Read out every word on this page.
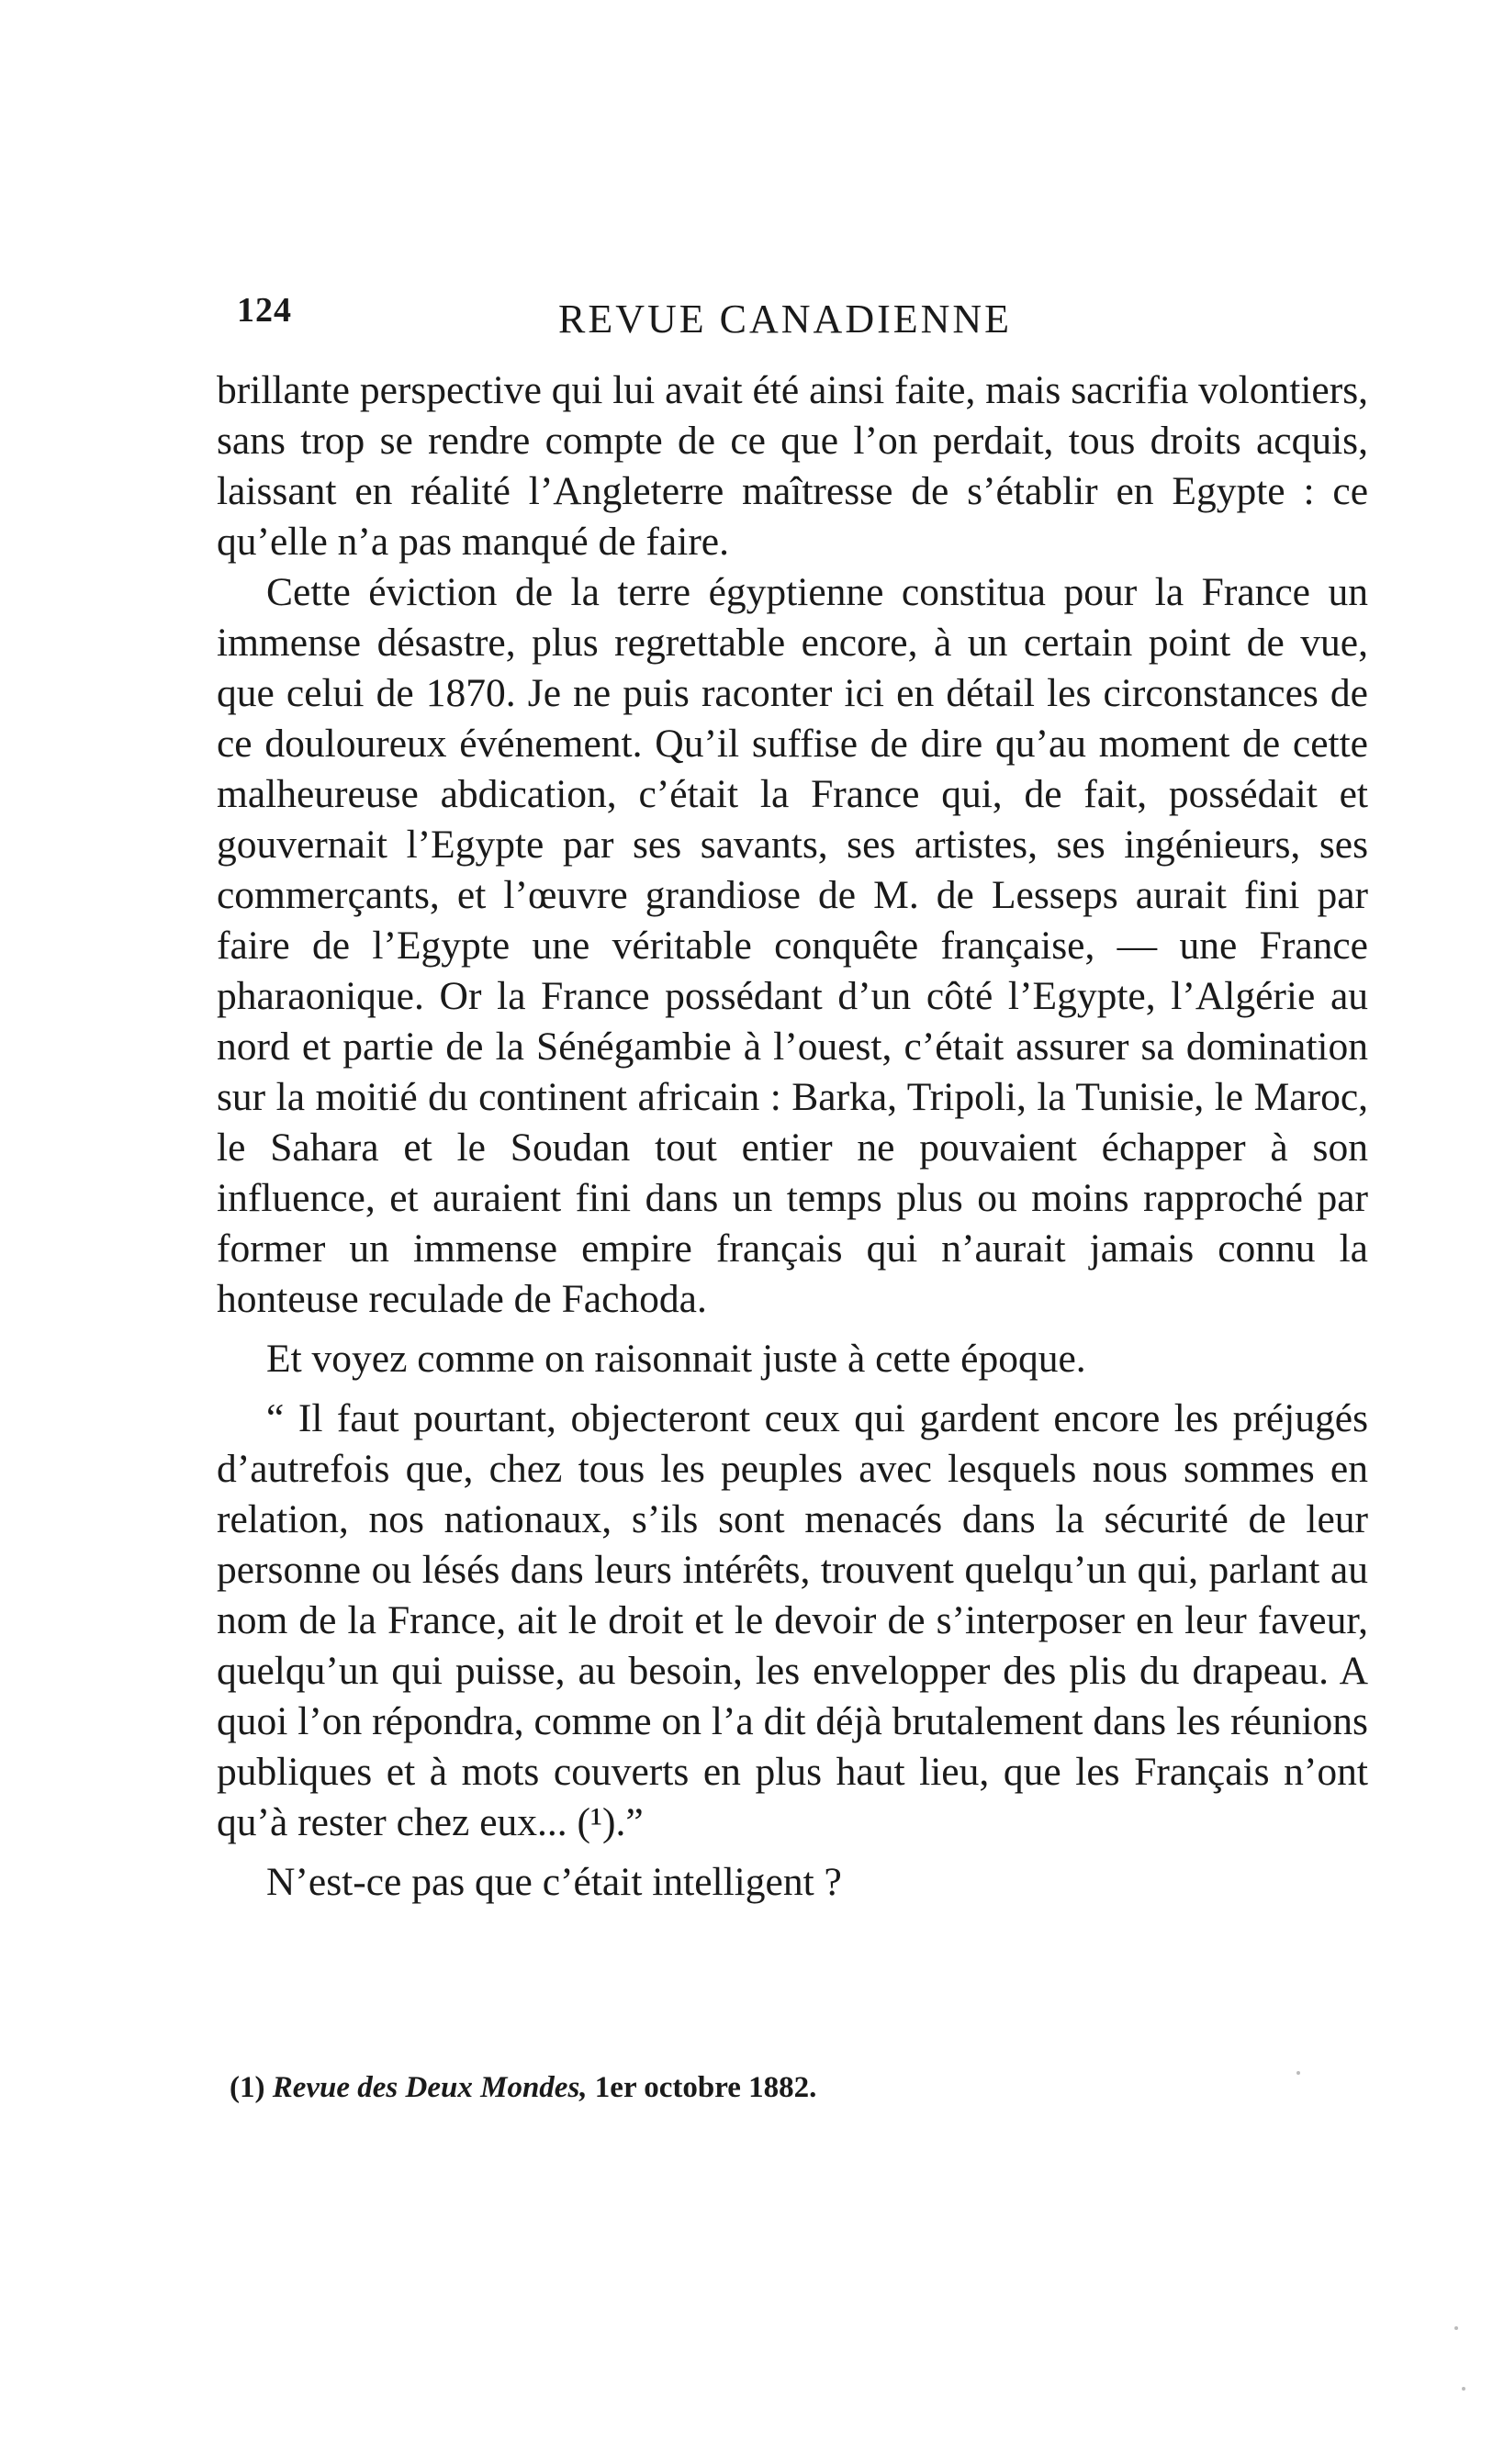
124	REVUE CANADIENNE

brillante perspective qui lui avait été ainsi faite, mais sacrifia volontiers, sans trop se rendre compte de ce que l’on perdait, tous droits acquis, laissant en réalité l’Angleterre maîtresse de s’établir en Egypte : ce qu’elle n’a pas manqué de faire.

Cette éviction de la terre égyptienne constitua pour la France un immense désastre, plus regrettable encore, à un certain point de vue, que celui de 1870. Je ne puis raconter ici en détail les circonstances de ce douloureux événement. Qu’il suffise de dire qu’au moment de cette malheureuse abdication, c’était la France qui, de fait, possédait et gouvernait l’Egypte par ses savants, ses artistes, ses ingénieurs, ses commerçants, et l’œuvre grandiose de M. de Lesseps aurait fini par faire de l’Egypte une véritable conquête française, — une France pharaonique. Or la France possédant d’un côté l’Egypte, l’Algérie au nord et partie de la Sénégambie à l’ouest, c’était assurer sa domination sur la moitié du continent africain : Barka, Tripoli, la Tunisie, le Maroc, le Sahara et le Soudan tout entier ne pouvaient échapper à son influence, et auraient fini dans un temps plus ou moins rapproché par former un immense empire français qui n’aurait jamais connu la honteuse reculade de Fachoda.

Et voyez comme on raisonnait juste à cette époque.

“ Il faut pourtant, objecteront ceux qui gardent encore les préjugés d’autrefois que, chez tous les peuples avec lesquels nous sommes en relation, nos nationaux, s’ils sont menacés dans la sécurité de leur personne ou lésés dans leurs intérêts, trouvent quelqu’un qui, parlant au nom de la France, ait le droit et le devoir de s’interposer en leur faveur, quelqu’un qui puisse, au besoin, les envelopper des plis du drapeau. A quoi l’on répondra, comme on l’a dit déjà brutalement dans les réunions publiques et à mots couverts en plus haut lieu, que les Français n’ont qu’à rester chez eux... (¹).”

N’est-ce pas que c’était intelligent ?

(1) Revue des Deux Mondes, 1er octobre 1882.
